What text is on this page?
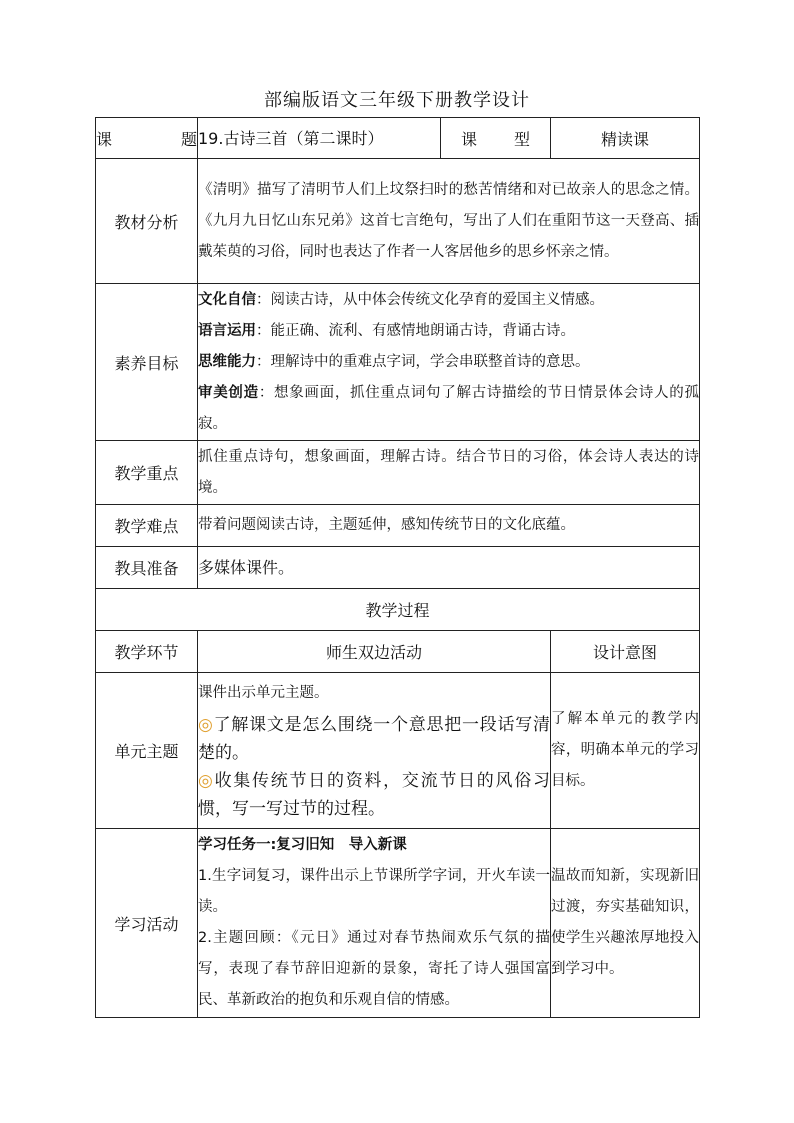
部编版语文三年级下册教学设计
课 题	19.古诗三首（第二课时）	课 型	精读课
教材分析	《清明》描写了清明节人们上坟祭扫时的愁苦情绪和对已故亲人的思念之情。《九月九日忆山东兄弟》这首七言绝句，写出了人们在重阳节这一天登高、插戴茱萸的习俗，同时也表达了作者一人客居他乡的思乡怀亲之情。		
素养目标	文化自信：阅读古诗，从中体会传统文化孕育的爱国主义情感。
语言运用：能正确、流利、有感情地朗诵古诗，背诵古诗。
思维能力：理解诗中的重难点字词，学会串联整首诗的意思。
审美创造：想象画面，抓住重点词句了解古诗描绘的节日情景体会诗人的孤寂。		

教学重点	抓住重点诗句，想象画面，理解古诗。结合节日的习俗，体会诗人表达的诗境。		
教学难点	带着问题阅读古诗，主题延伸，感知传统节日的文化底蕴。		
教具准备	多媒体课件。		
教学过程			
教学环节	师生双边活动		设计意图
单元主题	课件出示单元主题。
◎了解课文是怎么围绕一个意思把一段话写清楚的。
◎收集传统节日的资料，交流节日的风俗习惯，写一写过节的过程。		了解本单元的教学内容，明确本单元的学习目标。
学习活动	学习任务一:复习旧知　导入新课
1.生字词复习，课件出示上节课所学字词，开火车读一读。
2.主题回顾：《元日》通过对春节热闹欢乐气氛的描写，表现了春节辞旧迎新的景象，寄托了诗人强国富民、革新政治的抱负和乐观自信的情感。		温故而知新，实现新旧过渡，夯实基础知识，使学生兴趣浓厚地投入到学习中。
